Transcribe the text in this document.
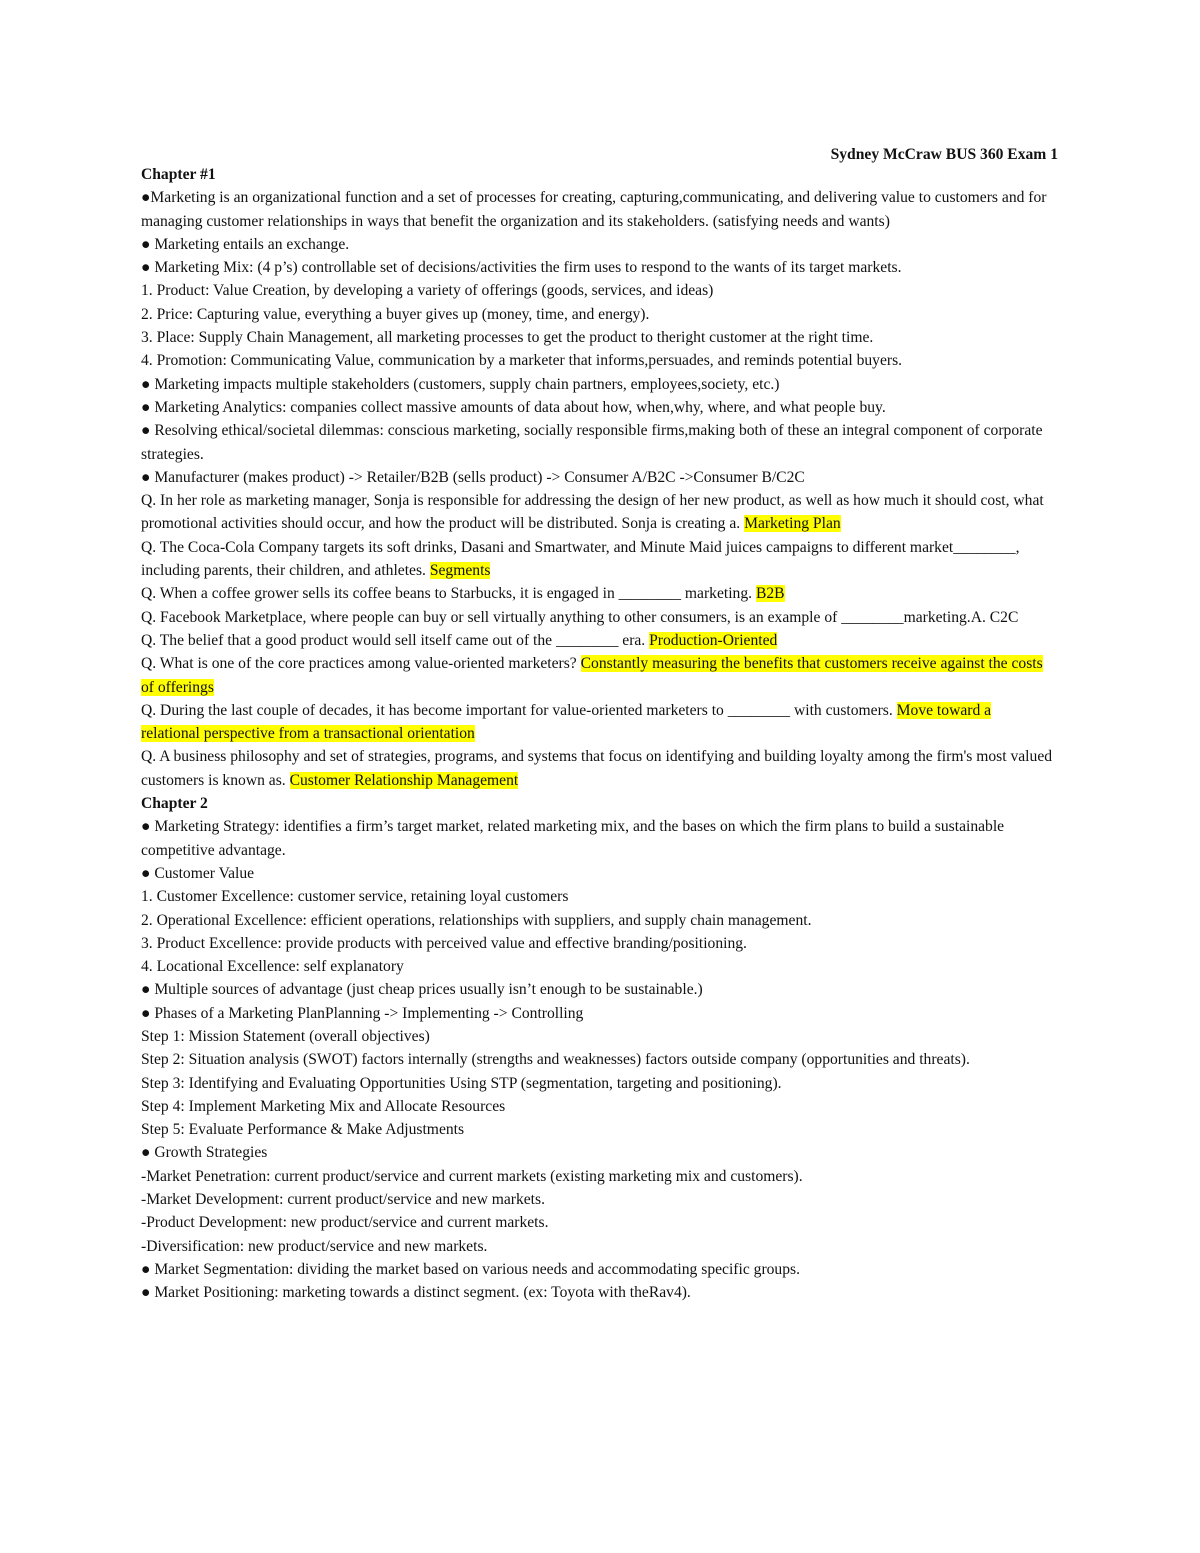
Sydney McCraw BUS 360 Exam 1
Chapter #1
●Marketing is an organizational function and a set of processes for creating, capturing,communicating, and delivering value to customers and for managing customer relationships in ways that benefit the organization and its stakeholders. (satisfying needs and wants)
● Marketing entails an exchange.
● Marketing Mix: (4 p’s) controllable set of decisions/activities the firm uses to respond to the wants of its target markets.
1. Product: Value Creation, by developing a variety of offerings (goods, services, and ideas)
2. Price: Capturing value, everything a buyer gives up (money, time, and energy).
3. Place: Supply Chain Management, all marketing processes to get the product to theright customer at the right time.
4. Promotion: Communicating Value, communication by a marketer that informs,persuades, and reminds potential buyers.
● Marketing impacts multiple stakeholders (customers, supply chain partners, employees,society, etc.)
● Marketing Analytics: companies collect massive amounts of data about how, when,why, where, and what people buy.
● Resolving ethical/societal dilemmas: conscious marketing, socially responsible firms,making both of these an integral component of corporate strategies.
● Manufacturer (makes product) -> Retailer/B2B (sells product) -> Consumer A/B2C ->Consumer B/C2C
Q. In her role as marketing manager, Sonja is responsible for addressing the design of her new product, as well as how much it should cost, what promotional activities should occur, and how the product will be distributed. Sonja is creating a. Marketing Plan
Q. The Coca-Cola Company targets its soft drinks, Dasani and Smartwater, and Minute Maid juices campaigns to different market________, including parents, their children, and athletes. Segments
Q. When a coffee grower sells its coffee beans to Starbucks, it is engaged in ________ marketing. B2B
Q. Facebook Marketplace, where people can buy or sell virtually anything to other consumers, is an example of ________marketing.A. C2C
Q. The belief that a good product would sell itself came out of the ________ era. Production-Oriented
Q. What is one of the core practices among value-oriented marketers? Constantly measuring the benefits that customers receive against the costs of offerings
Q. During the last couple of decades, it has become important for value-oriented marketers to ________ with customers. Move toward a relational perspective from a transactional orientation
Q. A business philosophy and set of strategies, programs, and systems that focus on identifying and building loyalty among the firm's most valued customers is known as. Customer Relationship Management
Chapter 2
● Marketing Strategy: identifies a firm’s target market, related marketing mix, and the bases on which the firm plans to build a sustainable competitive advantage.
● Customer Value
1. Customer Excellence: customer service, retaining loyal customers
2. Operational Excellence: efficient operations, relationships with suppliers, and supply chain management.
3. Product Excellence: provide products with perceived value and effective branding/positioning.
4. Locational Excellence: self explanatory
● Multiple sources of advantage (just cheap prices usually isn’t enough to be sustainable.)
● Phases of a Marketing PlanPlanning -> Implementing -> Controlling
Step 1: Mission Statement (overall objectives)
Step 2: Situation analysis (SWOT) factors internally (strengths and weaknesses) factors outside company (opportunities and threats).
Step 3: Identifying and Evaluating Opportunities Using STP (segmentation, targeting and positioning).
Step 4: Implement Marketing Mix and Allocate Resources
Step 5: Evaluate Performance & Make Adjustments
● Growth Strategies
-Market Penetration: current product/service and current markets (existing marketing mix and customers).
-Market Development: current product/service and new markets.
-Product Development: new product/service and current markets.
-Diversification: new product/service and new markets.
● Market Segmentation: dividing the market based on various needs and accommodating specific groups.
● Market Positioning: marketing towards a distinct segment. (ex: Toyota with theRav4).
